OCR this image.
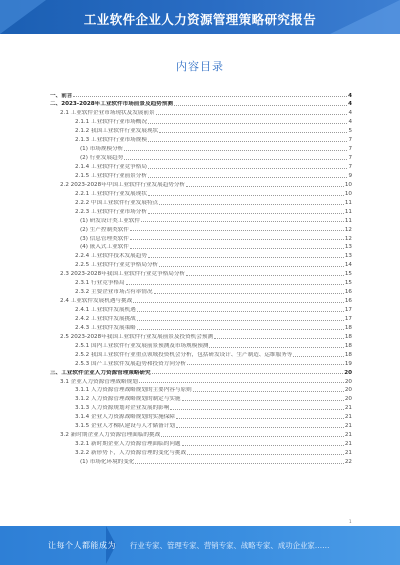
工业软件企业人力资源管理策略研究报告
内容目录
一、前言	4
二、2023-2028年工业软件市场前景及趋势预测	4
2.1 工业软件企业市场现状及发展前景	4
2.1.1 工业软件行业市场概况	4
2.1.2 我国工业软件行业发展现状	5
2.1.3 工业软件行业市场规模	7
(1) 市场规模分析	7
(2) 行业发展趋势	7
2.1.4 工业软件行业竞争格局	7
2.1.5 工业软件行业前景分析	9
2.2 2023-2028年中国工业软件行业发展趋势分析	10
2.2.1 工业软件行业发展现状	10
2.2.2 中国工业软件行业发展特点	11
2.2.3 工业软件行业市场分析	11
(1) 研发设计类工业软件	11
(2) 生产控制类软件	12
(3) 信息管理类软件	12
(4) 嵌入式工业软件	13
2.2.4 工业软件技术发展趋势	13
2.2.5 工业软件行业竞争格局分析	14
2.3 2023-2028年我国工业软件行业竞争格局分析	15
2.3.1 行业竞争格局	15
2.3.2 主要企业市场占有率情况	16
2.4 工业软件发展机遇与挑战	16
2.4.1 工业软件发展机遇	17
2.4.2 工业软件发展挑战	17
2.4.3 工业软件发展策略	18
2.5 2023-2028年我国工业软件行业发展前景及投资机会预测	18
2.5.1 国内工业软件行业发展前景预测及市场规模预测	18
2.5.2 我国工业软件行业重点领域投资机会分析，包括研发设计、生产制造、运维服务等	18
2.5.3 国产工业软件发展趋势和投资方向分析	19
三、工业软件企业人力资源管理策略研究	20
3.1 企业人力资源管理战略规划	20
3.1.1 人力资源管理战略规划的主要内容与原则	20
3.1.2 人力资源管理战略规划的制定与实施	20
3.1.3 人力资源规划对企业发展的影响	21
3.1.4 企业人力资源战略规划的实施保障	21
3.1.5 企业人才梯队建设与人才储备计划	21
3.2 新时期企业人力资源管理面临的挑战	21
3.2.1 新时期企业人力资源管理面临的问题	21
3.2.2 新形势下，人力资源管理的变化与挑战	21
(1) 市场化环境的变化	22
1
让每个人都能成为 行业专家、管理专家、营销专家、战略专家、成功企业家……
